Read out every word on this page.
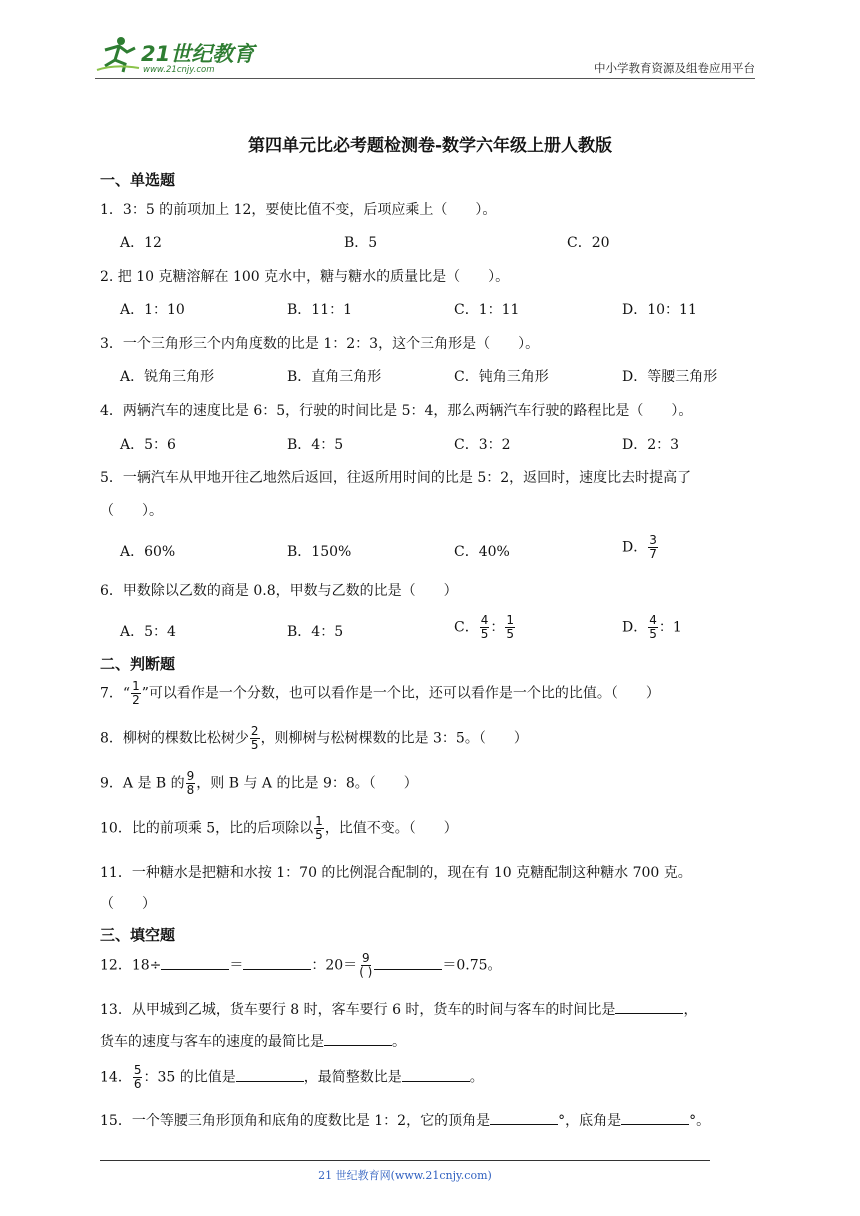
21世纪教育
www.21cnjy.com	中小学教育资源及组卷应用平台
第四单元比必考题检测卷-数学六年级上册人教版
一、单选题
1．3：5 的前项加上 12，要使比值不变，后项应乘上（　　）。
A．12	B．5	C．20
2. 把 10 克糖溶解在 100 克水中，糖与糖水的质量比是（　　）。
A．1：10	B．11：1	C．1：11	D．10：11
3．一个三角形三个内角度数的比是 1：2：3，这个三角形是（　　）。
A．锐角三角形	B．直角三角形	C．钝角三角形	D．等腰三角形
4．两辆汽车的速度比是 6：5，行驶的时间比是 5：4，那么两辆汽车行驶的路程比是（　　）。
A．5：6	B．4：5	C．3：2	D．2：3
5．一辆汽车从甲地开往乙地然后返回，往返所用时间的比是 5：2，返回时，速度比去时提高了
（　　）。
A．60%	B．150%	C．40%	D． $\frac{3}{7}$
6．甲数除以乙数的商是 0.8，甲数与乙数的比是（　　）
A．5：4	B．4：5	C． $\frac{4}{5}$ ： $\frac{1}{5}$	D． $\frac{4}{5}$ ：1
二、判断题
7．“ $\frac{1}{2}$ ”可以看作是一个分数，也可以看作是一个比，还可以看作是一个比的比值。（　　）
8．柳树的棵数比松树少 $\frac{2}{5}$ ，则柳树与松树棵数的比是 3：5。（　　）
9．A 是 B 的 $\frac{9}{8}$ ，则 B 与 A 的比是 9：8。（　　）
10．比的前项乘 5，比的后项除以 $\frac{1}{5}$ ，比值不变。（　　）
11．一种糖水是把糖和水按 1：70 的比例混合配制的，现在有 10 克糖配制这种糖水 700 克。
（　　）
三、填空题
12．18÷	＝	：$20= \frac{9}{( )}$	＝0.75。
13．从甲城到乙城，货车要行 8 时，客车要行 6 时，货车的时间与客车的时间比是	，
货车的速度与客车的速度的最简比是	。
14． $\frac{5}{6}$ ：35 的比值是	，最简整数比是	。
15．一个等腰三角形顶角和底角的度数比是 1：2，它的顶角是	°，底角是	°。
21 世纪教育网(www.21cnjy.com)
